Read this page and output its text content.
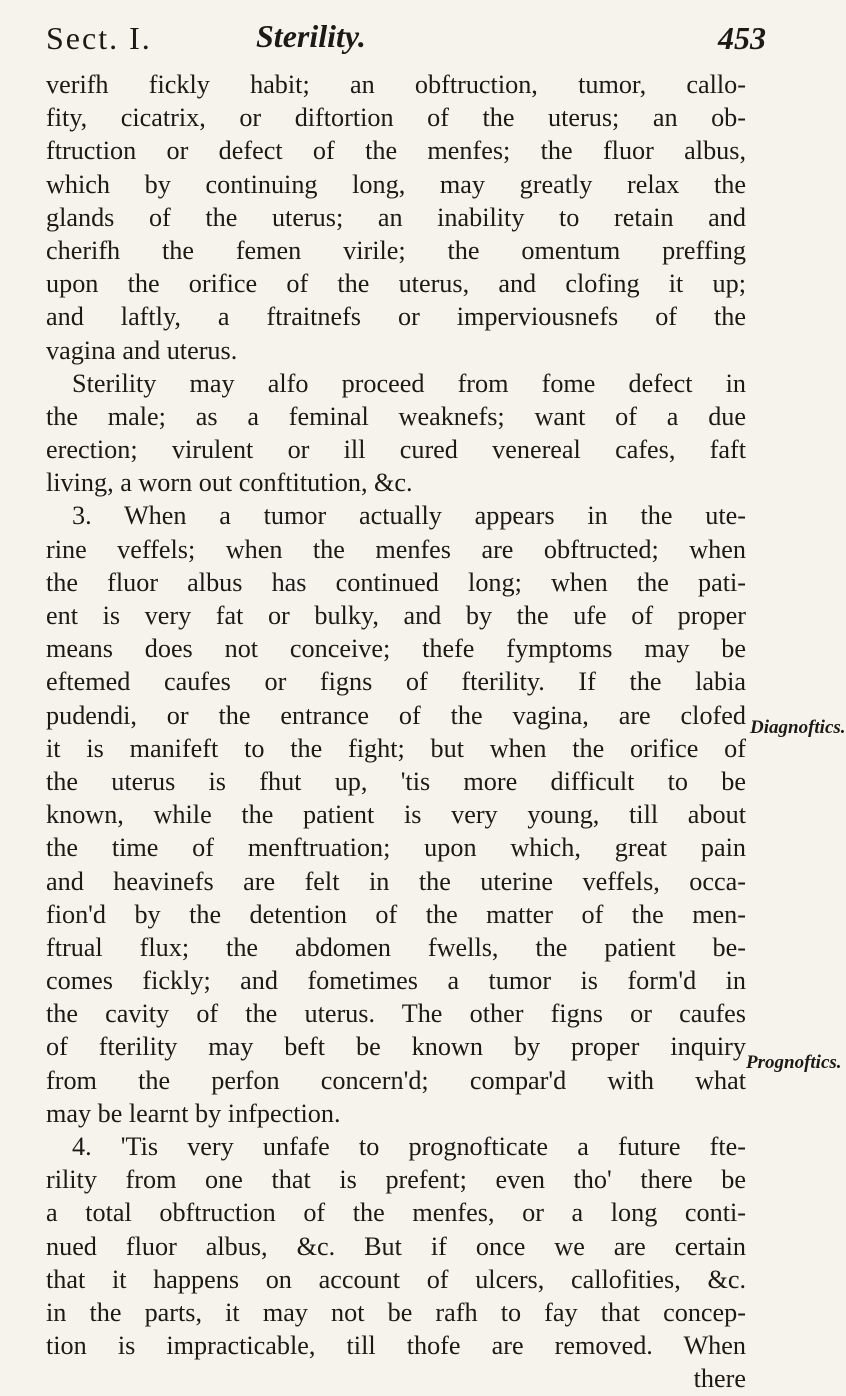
Sect. I.	Sterility.	453
verifh fickly habit; an obftruction, tumor, callo-
fity, cicatrix, or diftortion of the uterus; an ob-
ftruction or defect of the menfes; the fluor albus,
which by continuing long, may greatly relax the
glands of the uterus; an inability to retain and
cherifh the femen virile; the omentum preffing
upon the orifice of the uterus, and clofing it up;
and laftly, a ftraitnefs or imperviousnefs of the
vagina and uterus.
Sterility may alfo proceed from fome defect in
the male; as a feminal weaknefs; want of a due
erection; virulent or ill cured venereal cafes, faft
living, a worn out conftitution, &c.
3. When a tumor actually appears in the ute-
rine veffels; when the menfes are obftructed; when
the fluor albus has continued long; when the pati-
ent is very fat or bulky, and by the ufe of proper
means does not conceive; thefe fymptoms may be
eftemed caufes or figns of fterility. If the labia
pudendi, or the entrance of the vagina, are clofed
it is manifeft to the fight; but when the orifice of
the uterus is fhut up, 'tis more difficult to be
known, while the patient is very young, till about
the time of menftruation; upon which, great pain
and heavinefs are felt in the uterine veffels, occa-
fion'd by the detention of the matter of the men-
ftrual flux; the abdomen fwells, the patient be-
comes fickly; and fometimes a tumor is form'd in
the cavity of the uterus. The other figns or caufes
of fterility may beft be known by proper inquiry
from the perfon concern'd; compar'd with what
may be learnt by infpection.
4. 'Tis very unfafe to prognofticate a future fte-
rility from one that is prefent; even tho' there be
a total obftruction of the menfes, or a long conti-
nued fluor albus, &c. But if once we are certain
that it happens on account of ulcers, callofities, &c.
in the parts, it may not be rafh to fay that concep-
tion is impracticable, till thofe are removed. When
there
Diagnoftics.
Prognoftics.
